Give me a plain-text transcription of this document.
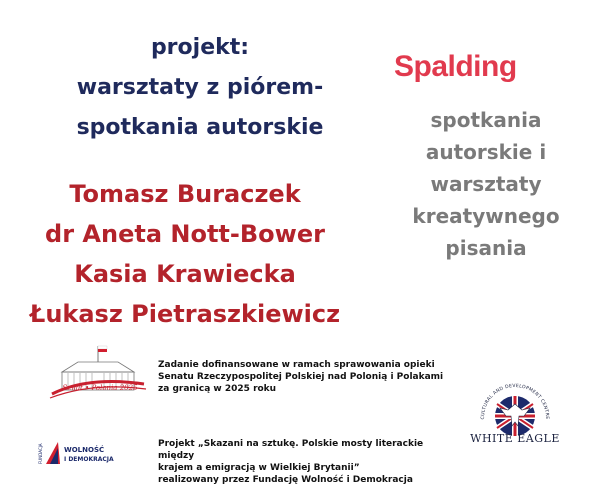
projekt:
warsztaty z piórem-
spotkania autorskie
Tomasz Buraczek
dr Aneta Nott-Bower
Kasia Krawiecka
Łukasz Pietraszkiewicz
Spalding
spotkania
autorskie i
warsztaty
kreatywnego
pisania
Senat • Polonia 2025
Zadanie dofinansowane w ramach sprawowania opieki
Senatu Rzeczypospolitej Polskiej nad Polonią i Polakami
za granicą w 2025 roku
FUNDACJA	WOLNOŚĆ
I DEMOKRACJA
Projekt „Skazani na sztukę. Polskie mosty literackie między
krajem a emigracją w Wielkiej Brytanii”
realizowany przez Fundację Wolność i Demokracja
CULTURAL AND DEVELOPMENT CENTRE
WHITE EAGLE
